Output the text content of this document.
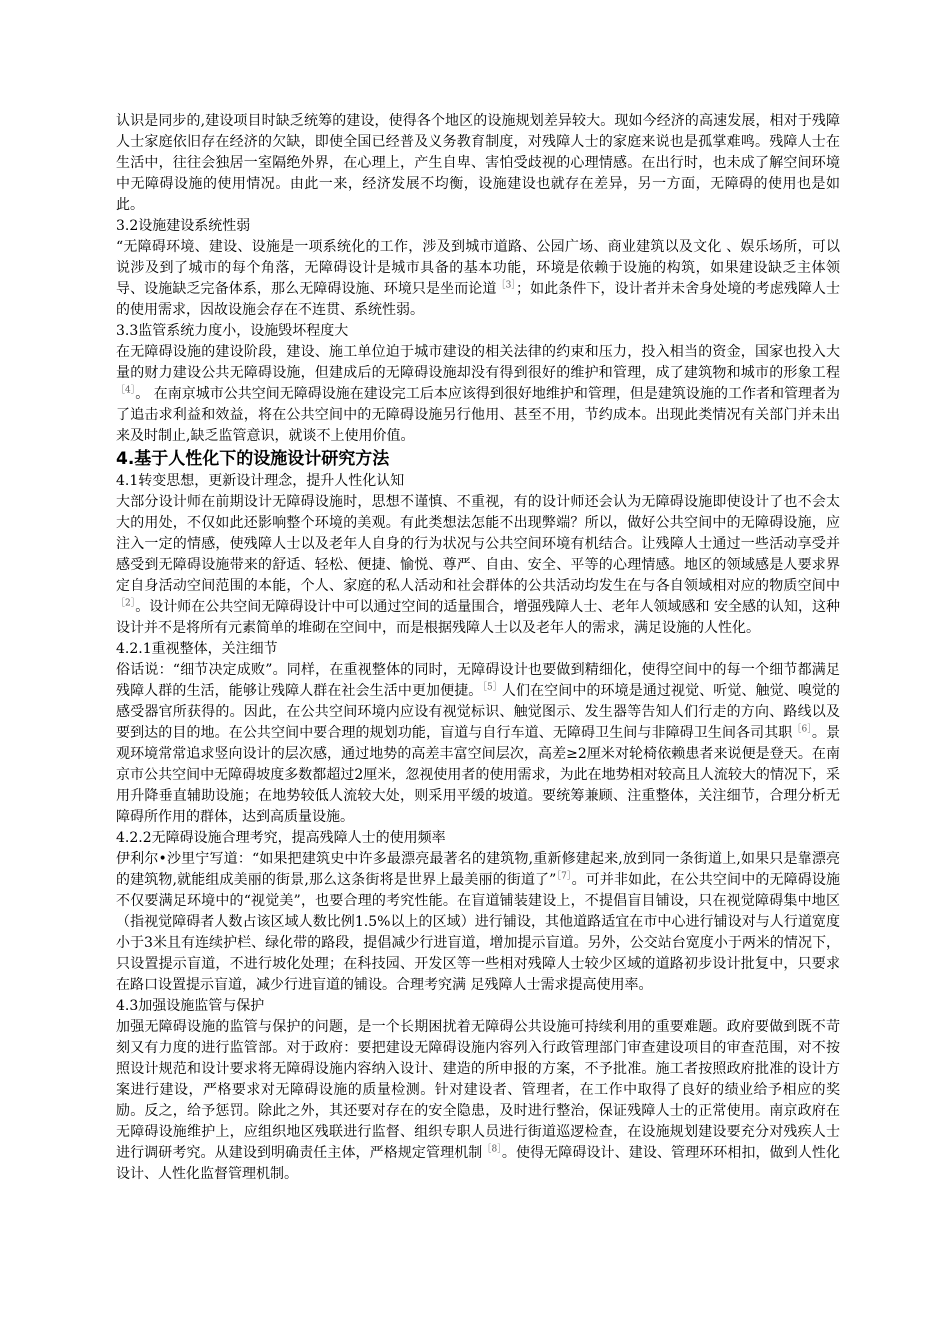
认识是同步的,建设项目时缺乏统筹的建设，使得各个地区的设施规划差异较大。现如今经济的高速发展，相对于残障人士家庭依旧存在经济的欠缺，即使全国已经普及义务教育制度，对残障人士的家庭来说也是孤掌难鸣。残障人士在生活中，往往会独居一室隔绝外界，在心理上，产生自卑、害怕受歧视的心理情感。在出行时，也未成了解空间环境中无障碍设施的使用情况。由此一来，经济发展不均衡，设施建设也就存在差异，另一方面，无障碍的使用也是如此。

3.2设施建设系统性弱

“无障碍环境、建设、设施是一项系统化的工作，涉及到城市道路、公园广场、商业建筑以及文化 、娱乐场所，可以说涉及到了城市的每个角落，无障碍设计是城市具备的基本功能，环境是依赖于设施的构筑，如果建设缺乏主体领导、设施缺乏完备体系，那么无障碍设施、环境只是坐而论道$^{[3]}$；如此条件下，设计者并未舍身处境的考虑残障人士的使用需求，因故设施会存在不连贯、系统性弱。

3.3监管系统力度小，设施毁坏程度大

在无障碍设施的建设阶段，建设、施工单位迫于城市建设的相关法律的约束和压力，投入相当的资金，国家也投入大量的财力建设公共无障碍设施，但建成后的无障碍设施却没有得到很好的维护和管理，成了建筑物和城市的形象工程$^{[4]}$。 在南京城市公共空间无障碍设施在建设完工后本应该得到很好地维护和管理，但是建筑设施的工作者和管理者为了追击求利益和效益，将在公共空间中的无障碍设施另行他用、甚至不用，节约成本。出现此类情况有关部门并未出来及时制止,缺乏监管意识，就谈不上使用价值。

4.基于人性化下的设施设计研究方法

4.1转变思想，更新设计理念，提升人性化认知

大部分设计师在前期设计无障碍设施时，思想不谨慎、不重视，有的设计师还会认为无障碍设施即使设计了也不会太大的用处，不仅如此还影响整个环境的美观。有此类想法怎能不出现弊端？所以，做好公共空间中的无障碍设施，应注入一定的情感，使残障人士以及老年人自身的行为状况与公共空间环境有机结合。让残障人士通过一些活动享受并感受到无障碍设施带来的舒适、轻松、便捷、愉悦、尊严、自由、安全、平等的心理情感。地区的领域感是人要求界定自身活动空间范围的本能，个人、家庭的私人活动和社会群体的公共活动均发生在与各自领域相对应的物质空间中$^{[2]}$。设计师在公共空间无障碍设计中可以通过空间的适量围合，增强残障人士、老年人领域感和 安全感的认知，这种设计并不是将所有元素简单的堆砌在空间中，而是根据残障人士以及老年人的需求，满足设施的人性化。

4.2.1重视整体，关注细节

俗话说：“细节决定成败”。同样，在重视整体的同时，无障碍设计也要做到精细化，使得空间中的每一个细节都满足残障人群的生活，能够让残障人群在社会生活中更加便捷。$^{[5]}$人们在空间中的环境是通过视觉、听觉、触觉、嗅觉的感受器官所获得的。因此，在公共空间环境内应设有视觉标识、触觉图示、发生器等告知人们行走的方向、路线以及要到达的目的地。在公共空间中要合理的规划功能，盲道与自行车道、无障碍卫生间与非障碍卫生间各司其职$^{[6]}$。景观环境常常追求竖向设计的层次感，通过地势的高差丰富空间层次，高差≥2厘米对轮椅依赖患者来说便是登天。在南京市公共空间中无障碍坡度多数都超过2厘米，忽视使用者的使用需求，为此在地势相对较高且人流较大的情况下，采用升降垂直辅助设施；在地势较低人流较大处，则采用平缓的坡道。要统筹兼顾、注重整体，关注细节，合理分析无障碍所作用的群体，达到高质量设施。

4.2.2无障碍设施合理考究，提高残障人士的使用频率

伊利尔•沙里宁写道：“如果把建筑史中许多最漂亮最著名的建筑物,重新修建起来,放到同一条街道上,如果只是靠漂亮的建筑物,就能组成美丽的街景,那么这条街将是世界上最美丽的街道了”$^{[7]}$。可并非如此，在公共空间中的无障碍设施不仅要满足环境中的“视觉美”，也要合理的考究性能。在盲道铺装建设上，不提倡盲目铺设，只在视觉障碍集中地区（指视觉障碍者人数占该区域人数比例1.5%以上的区域）进行铺设，其他道路适宜在市中心进行铺设对与人行道宽度小于3米且有连续护栏、绿化带的路段，提倡减少行进盲道，增加提示盲道。另外，公交站台宽度小于两米的情况下，只设置提示盲道，不进行坡化处理；在科技园、开发区等一些相对残障人士较少区域的道路初步设计批复中，只要求在路口设置提示盲道，减少行进盲道的铺设。合理考究满 足残障人士需求提高使用率。

4.3加强设施监管与保护

加强无障碍设施的监管与保护的问题，是一个长期困扰着无障碍公共设施可持续利用的重要难题。政府要做到既不苛刻又有力度的进行监管部。对于政府：要把建设无障碍设施内容列入行政管理部门审查建设项目的审查范围，对不按照设计规范和设计要求将无障碍设施内容纳入设计、建造的所申报的方案，不予批准。施工者按照政府批准的设计方案进行建设，严格要求对无障碍设施的质量检测。针对建设者、管理者，在工作中取得了良好的绩业给予相应的奖励。反之，给予惩罚。除此之外，其还要对存在的安全隐患，及时进行整治，保证残障人士的正常使用。南京政府在无障碍设施维护上，应组织地区残联进行监督、组织专职人员进行街道巡逻检查，在设施规划建设要充分对残疾人士进行调研考究。从建设到明确责任主体，严格规定管理机制$^{[8]}$。使得无障碍设计、建设、管理环环相扣，做到人性化设计、人性化监督管理机制。
